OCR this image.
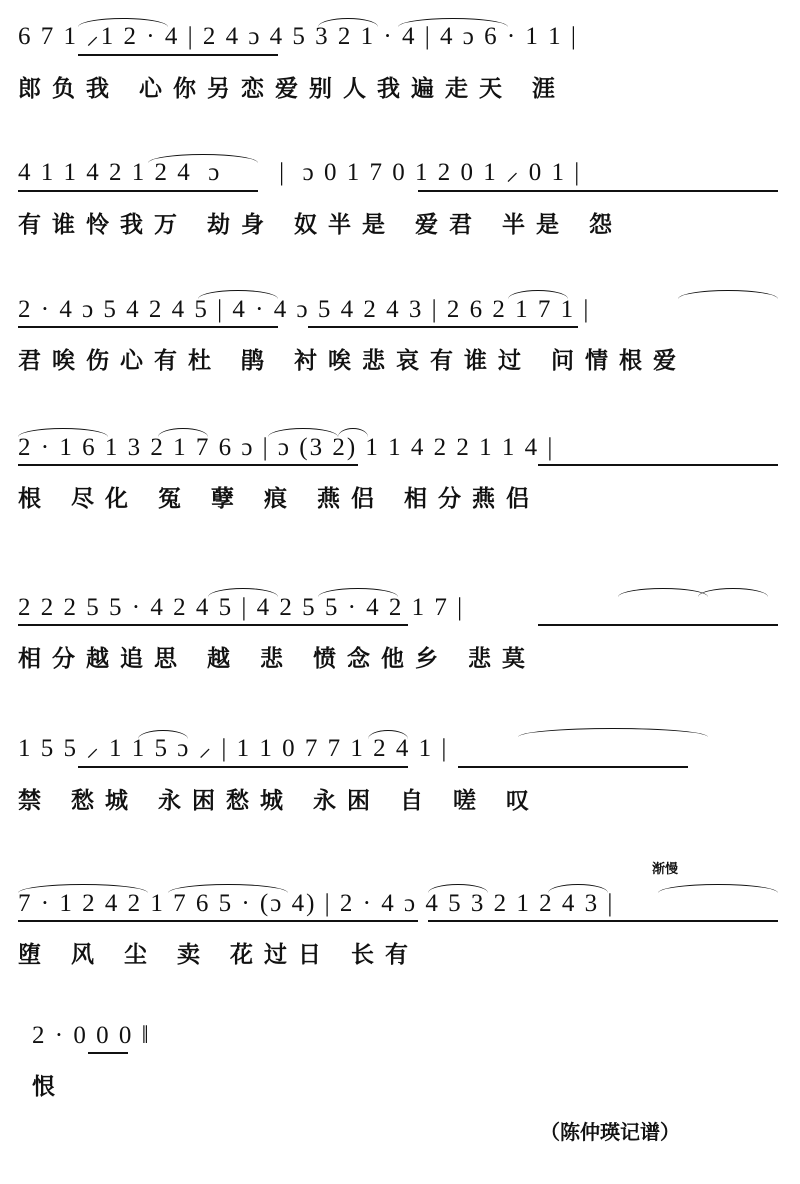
6 7 1 ⸝1 2 · 4 | 2 4 ɔ 4 5 3 2 1 · 4 | 4 ɔ 6 · 1 1 |
郎负我 心你另恋爱别人我遍走天 涯
4 1 1 4 2 1 2 4  ɔ       |  ɔ 0 1 7 0 1 2 0 1 ⸝ 0 1 |
有谁怜我万 劫身 奴半是 爱君 半是 怨
2 · 4 ɔ 5 4 2 4 5 | 4 · 4 ɔ 5 4 2 4 3 | 2 6 2 1 7 1 |
君唉伤心有杜 鹃 衬唉悲哀有谁过 问情根爱
2 · 1 6 1 3 2 1 7 6 ɔ | ɔ (3 2) 1 1 4 2 2 1 1 4 |
根 尽化 冤 孽 痕 燕侣 相分燕侣
2 2 2 5 5 · 4 2 4 5 | 4 2 5 5 · 4 2 1 7 |
相分越追思 越 悲 愤念他乡 悲莫
1 5 5 ⸝ 1 1 5 ɔ ⸝ | 1 1 0 7 7 1 2 4 1 |
禁 愁城 永困愁城 永困 自 嗟 叹
渐慢
7 · 1 2 4 2 1 7 6 5 · (ɔ 4) | 2 · 4 ɔ 4 5 3 2 1 2 4 3 |
堕 风 尘 卖 花过日 长有
2 · 0 0 0 ‖
恨
（陈仲瑛记谱）
